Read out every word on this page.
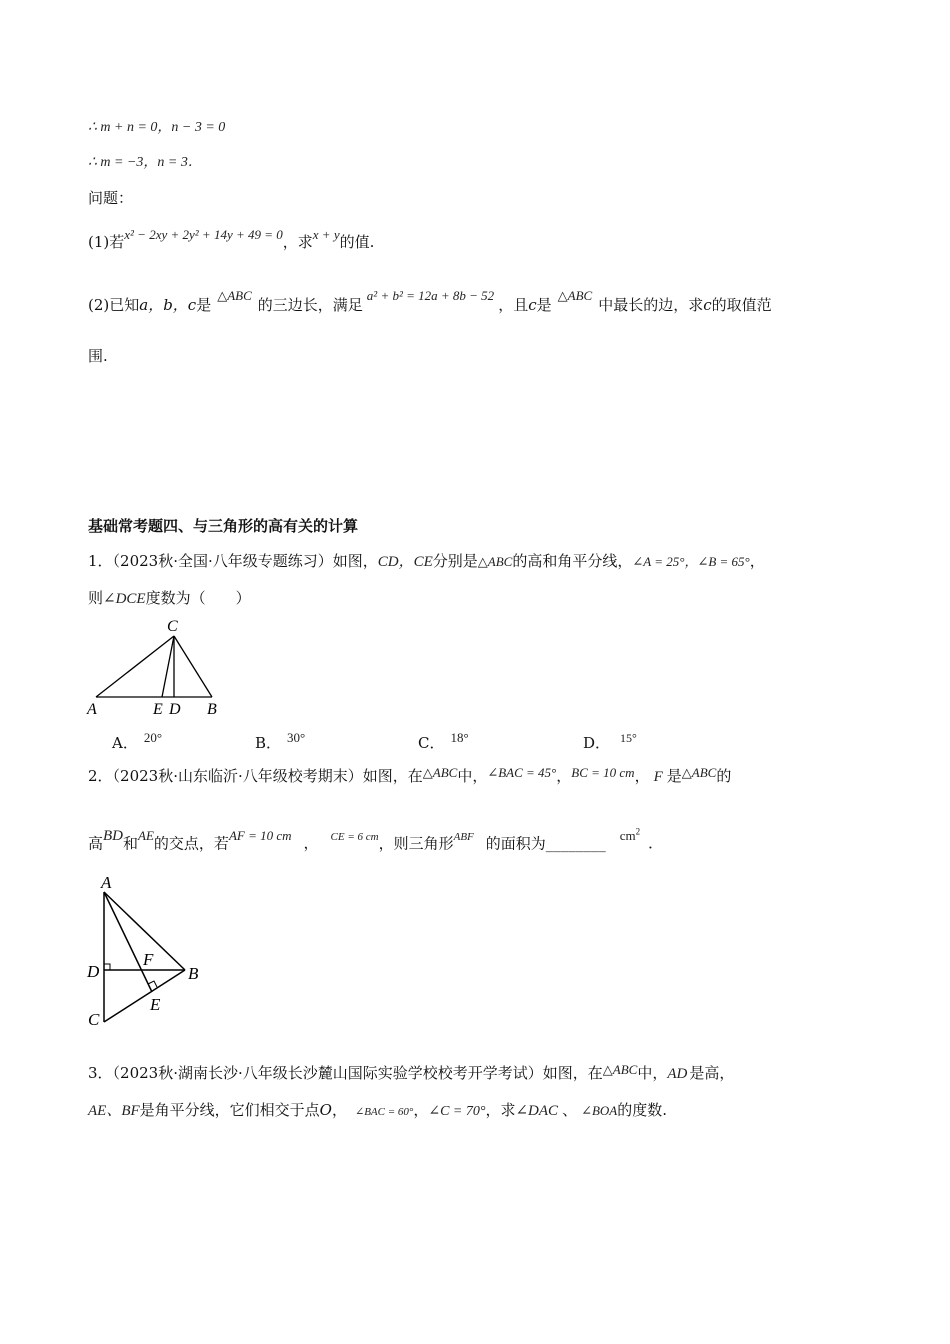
∴ m + n = 0，n − 3 = 0
∴ m = −3，n = 3．
问题：
(1)若x² − 2xy + 2y² + 14y + 49 = 0，求x + y的值.
(2)已知a，b，c是△ABC的三边长，满足a² + b² = 12a + 8b − 52，且c是△ABC中最长的边，求c的取值范
围.
基础常考题四、与三角形的高有关的计算
1．（2023秋·全国·八年级专题练习）如图，CD，CE分别是△ABC的高和角平分线，∠A = 25°，∠B = 65°，
则∠DCE度数为（　　）
C
A	E D B
A． 20°	B． 30°	C． 18°	D． $^{15^\circ}$
2．（2023秋·山东临沂·八年级校考期末）如图，在△ABC中，∠BAC = 45°，BC = 10 cm， F 是△ABC的
高BD和AE的交点，若AF = 10 cm ， $^{CE = 6 cm}$，则三角形$^{ABF}$ 的面积为________ $cm^2$．
A
D
F
B
C
E
3．（2023秋·湖南长沙·八年级长沙麓山国际实验学校校考开学考试）如图，在△ABC中，AD 是高，
AE、BF是角平分线，它们相交于点O， ∠BAC = 60°，∠C = 70°，求∠DAC 、 ∠BOA的度数.
